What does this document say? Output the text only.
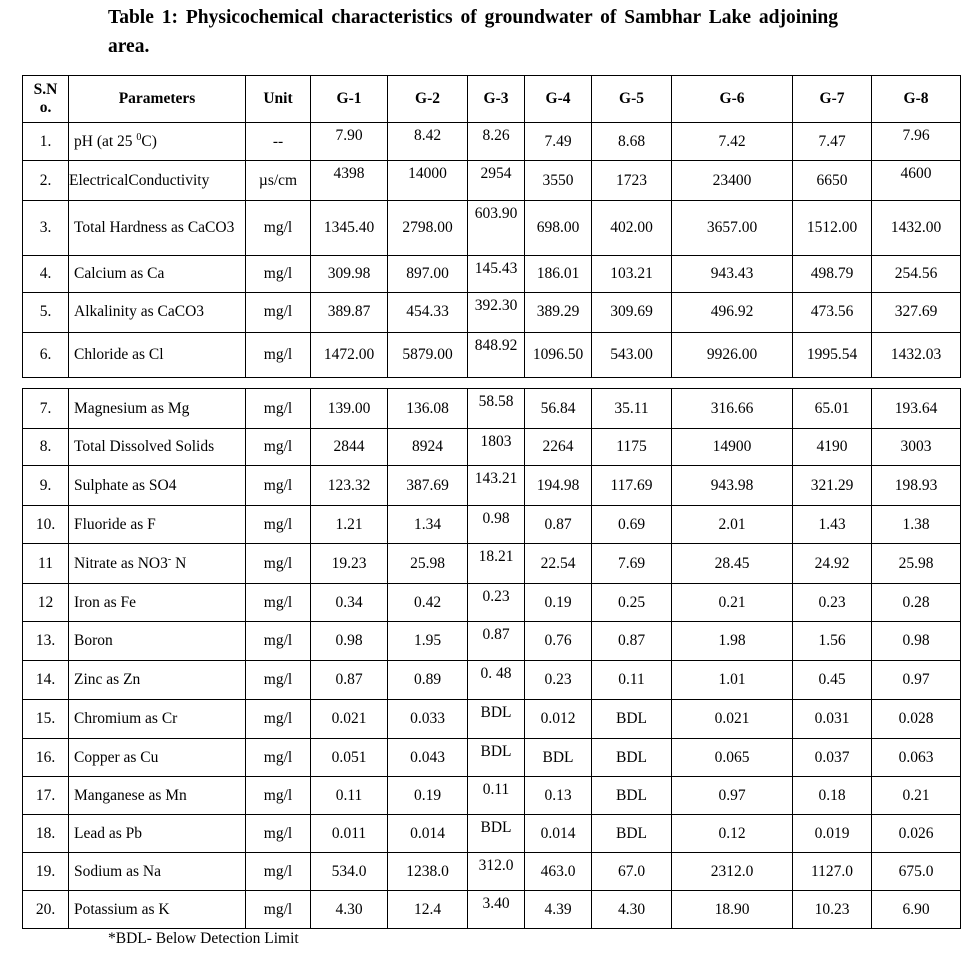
Table 1: Physicochemical characteristics of groundwater of Sambhar Lake adjoining area.
S.N o.	Parameters	Unit	G-1	G-2	G-3	G-4	G-5	G-6	G-7	G-8
1.	pH (at 25 $^0$C)	--	7.90	8.42	8.26	7.49	8.68	7.42	7.47	7.96
2.	ElectricalConductivity	µs/cm	4398	14000	2954	3550	1723	23400	6650	4600
3.	Total Hardness as CaCO3	mg/l	1345.40	2798.00	603.90	698.00	402.00	3657.00	1512.00	1432.00
4.	Calcium as Ca	mg/l	309.98	897.00	145.43	186.01	103.21	943.43	498.79	254.56
5.	Alkalinity as CaCO3	mg/l	389.87	454.33	392.30	389.29	309.69	496.92	473.56	327.69
6.	Chloride as Cl	mg/l	1472.00	5879.00	848.92	1096.50	543.00	9926.00	1995.54	1432.03
7.	Magnesium as Mg	mg/l	139.00	136.08	58.58	56.84	35.11	316.66	65.01	193.64
8.	Total Dissolved Solids	mg/l	2844	8924	1803	2264	1175	14900	4190	3003
9.	Sulphate as SO4	mg/l	123.32	387.69	143.21	194.98	117.69	943.98	321.29	198.93
10.	Fluoride as F	mg/l	1.21	1.34	0.98	0.87	0.69	2.01	1.43	1.38
11	Nitrate as NO3- N	mg/l	19.23	25.98	18.21	22.54	7.69	28.45	24.92	25.98
12	Iron as Fe	mg/l	0.34	0.42	0.23	0.19	0.25	0.21	0.23	0.28
13.	Boron	mg/l	0.98	1.95	0.87	0.76	0.87	1.98	1.56	0.98
14.	Zinc as Zn	mg/l	0.87	0.89	0. 48	0.23	0.11	1.01	0.45	0.97
15.	Chromium as Cr	mg/l	0.021	0.033	BDL	0.012	BDL	0.021	0.031	0.028
16.	Copper as Cu	mg/l	0.051	0.043	BDL	BDL	BDL	0.065	0.037	0.063
17.	Manganese as Mn	mg/l	0.11	0.19	0.11	0.13	BDL	0.97	0.18	0.21
18.	Lead as Pb	mg/l	0.011	0.014	BDL	0.014	BDL	0.12	0.019	0.026
19.	Sodium as Na	mg/l	534.0	1238.0	312.0	463.0	67.0	2312.0	1127.0	675.0
20.	Potassium as K	mg/l	4.30	12.4	3.40	4.39	4.30	18.90	10.23	6.90
*BDL- Below Detection Limit
